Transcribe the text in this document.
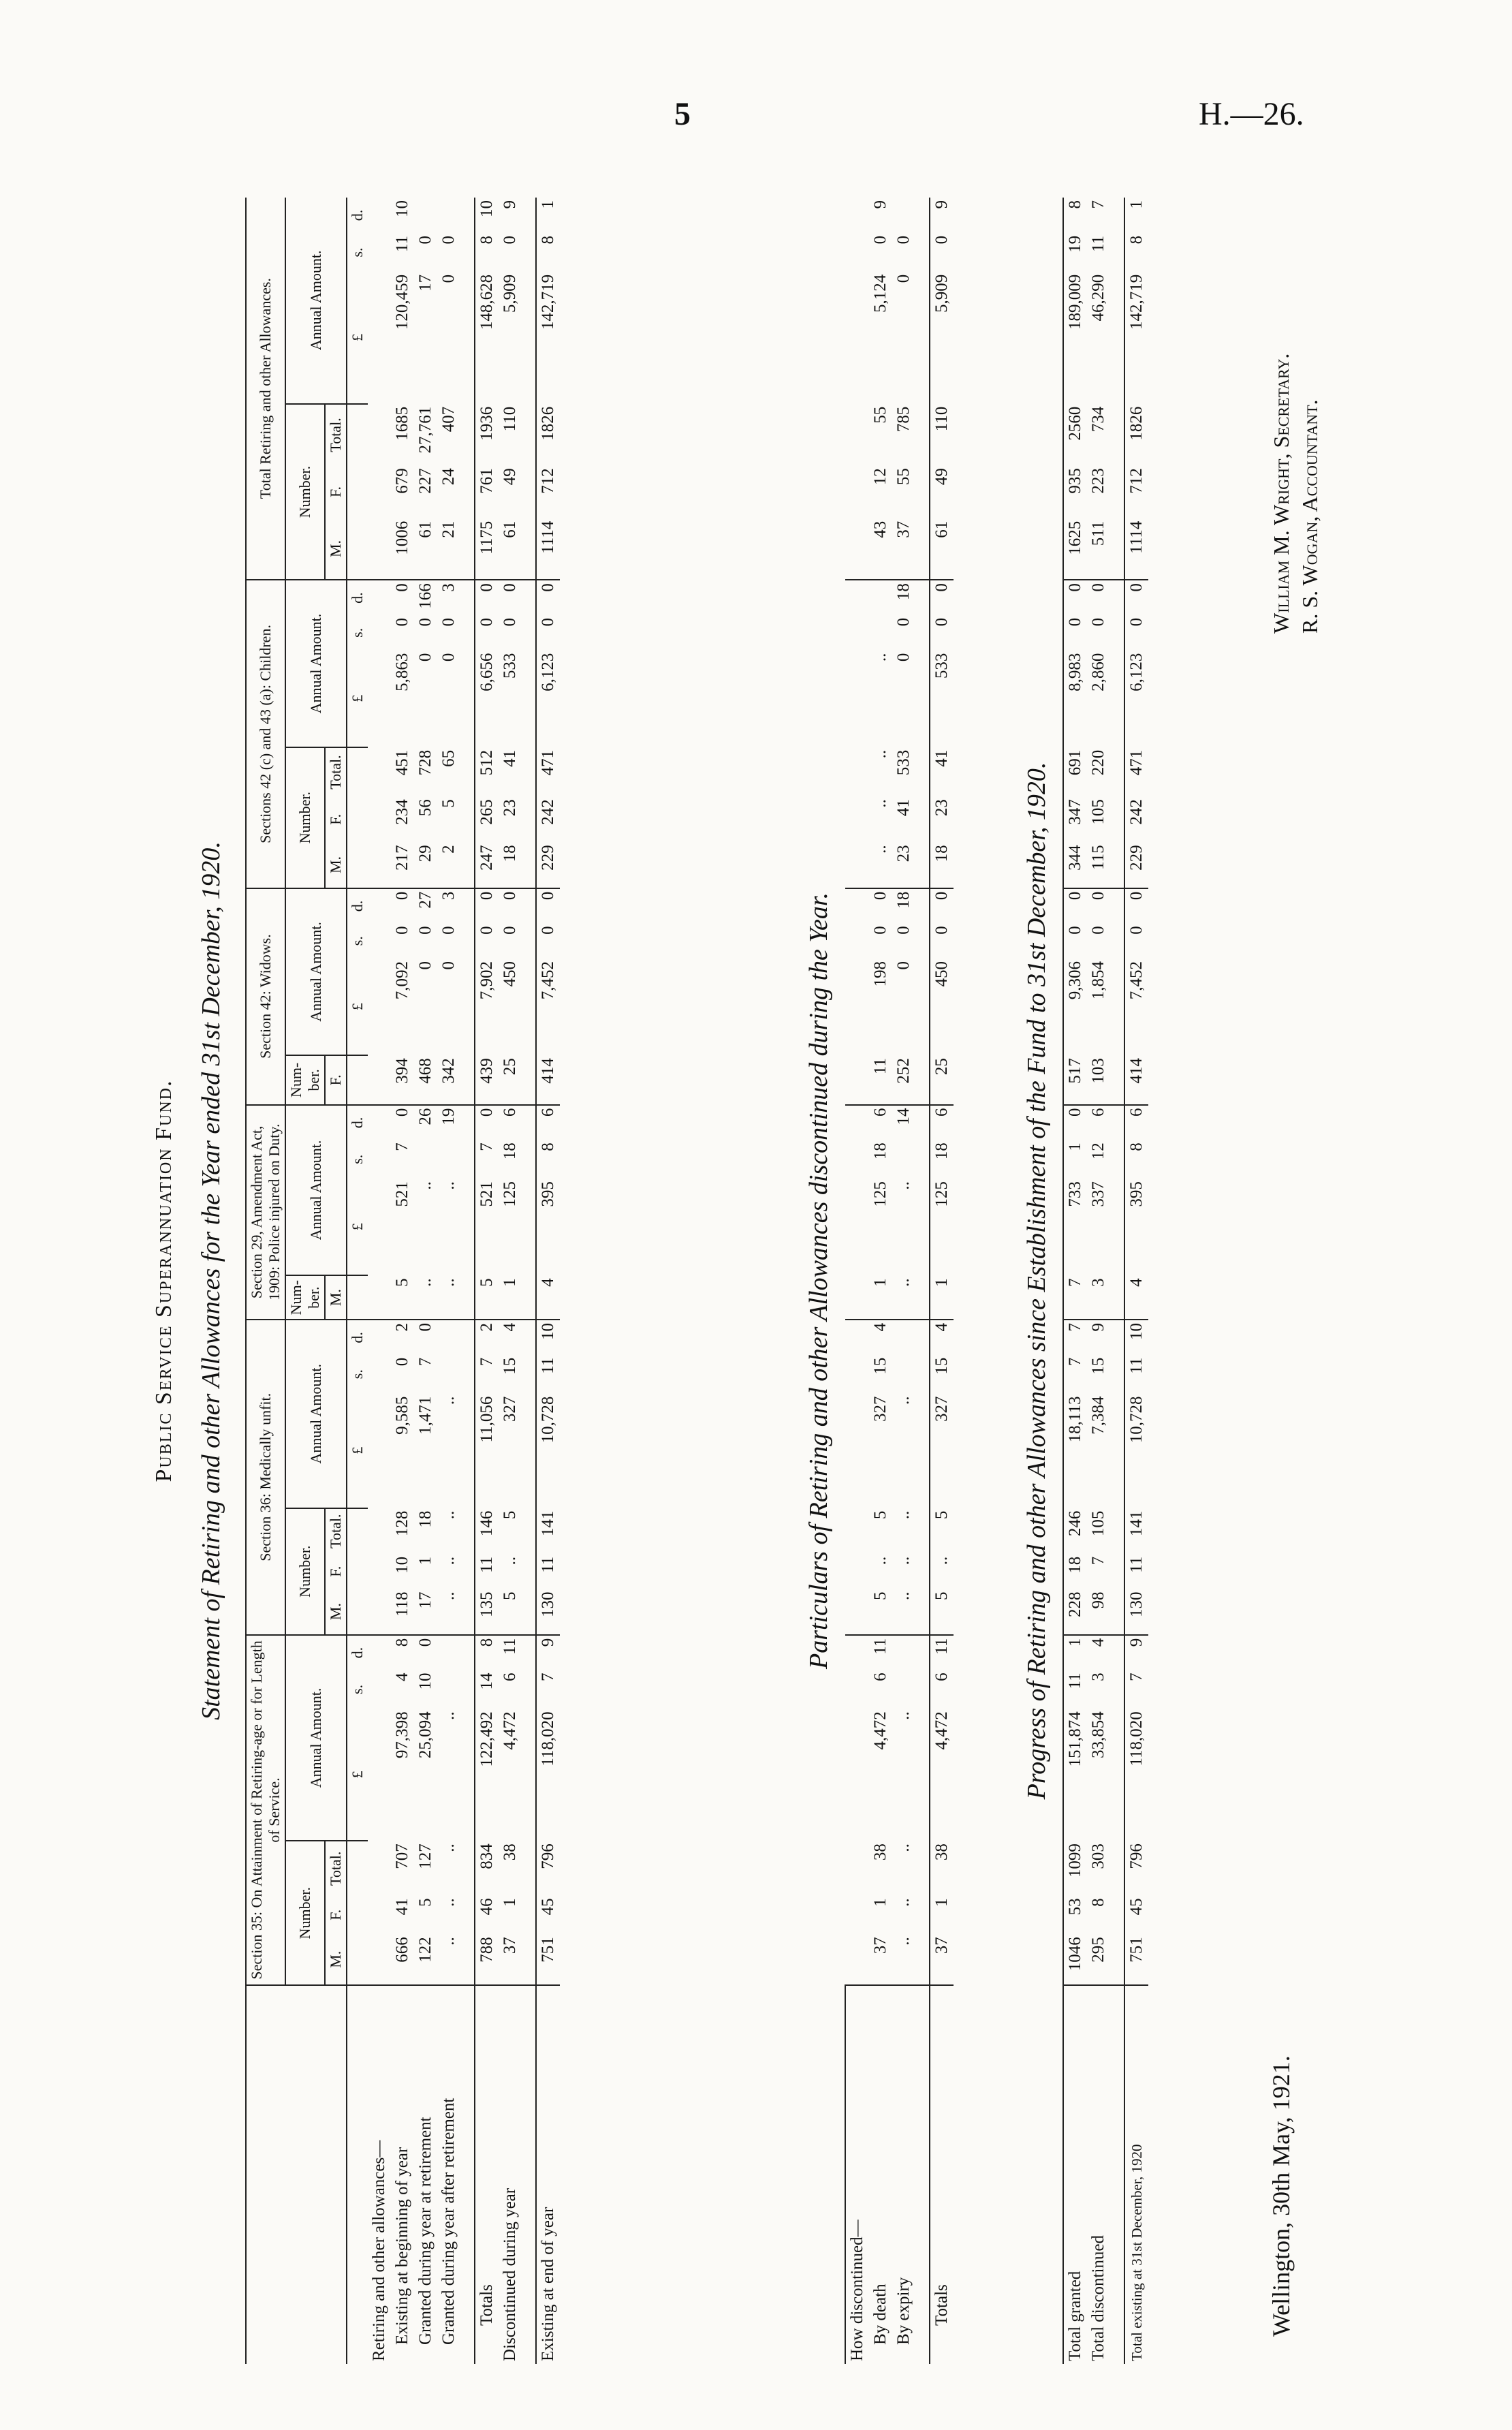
5	H.—26.
Public Service Superannuation Fund. Statement of Retiring and other Allowances for the Year ended 31st December, 1920.
	Section 35: On Attainment of Retiring-age or for Length of Service.						Section 36: Medically unfit.						Section 29, Amendment Act, 1909: Police injured on Duty.				Section 42: Widows.				Sections 42 (c) and 43 (a): Children.						Total Retiring and other Allowances.					
	Number.			Annual Amount.			Number.			Annual Amount.			Num-ber.	Annual Amount.			Num-ber.	Annual Amount.			Number.			Annual Amount.			Number.			Annual Amount.		
	M.	F.	Total.				M.	F.	Total.				M.				F.				M.	F.	Total.				M.	F.	Total.			
				£	s.	d.				£	s.	d.		£	s.	d.		£	s.	d.				£	s.	d.				£	s.	d.
Retiring and other allowances—																																
Existing at beginning of year	666	41	707	97,398	4	8	118	10	128	9,585	0	2	5	521	7	0	394	7,092	0	0	217	234	451	5,863	0	0	1006	679	1685	120,459	11	10
Granted during year at retirement	122	5	127	25,094	10	0	17	1	18	1,471	7	0	..	..		26	468	0	0	27	29	56	728	0	0	166	61	227	27,761	17	0	
Granted during year after retirement	..	..	..	..			..	..	..	..			..	..		19	342	0	0	3	2	5	65	0	0	3	21	24	407	0	0	

Totals	788	46	834	122,492	14	8	135	11	146	11,056	7	2	5	521	7	0	439	7,902	0	0	247	265	512	6,656	0	0	1175	761	1936	148,628	8	10
Discontinued during year	37	1	38	4,472	6	11	5	..	5	327	15	4	1	125	18	6	25	450	0	0	18	23	41	533	0	0	61	49	110	5,909	0	9

Existing at end of year	751	45	796	118,020	7	9	130	11	141	10,728	11	10	4	395	8	6	414	7,452	0	0	229	242	471	6,123	0	0	1114	712	1826	142,719	8	1
Particulars of Retiring and other Allowances discontinued during the Year.
How discontinued—																																
By death	37	1	38	4,472	6	11	5	..	5	327	15	4	1	125	18	6	11	198	0	0	..	..	..	..			43	12	55	5,124	0	9
By expiry	..	..	..	..			..	..	..	..			..	..		14	252	0	0	18	23	41	533	0	0	18	37	55	785	0	0	

Totals	37	1	38	4,472	6	11	5	..	5	327	15	4	1	125	18	6	25	450	0	0	18	23	41	533	0	0	61	49	110	5,909	0	9
Progress of Retiring and other Allowances since Establishment of the Fund to 31st December, 1920.
Total granted	1046	53	1099	151,874	11	1	228	18	246	18,113	7	7	7	733	1	0	517	9,306	0	0	344	347	691	8,983	0	0	1625	935	2560	189,009	19	8
Total discontinued	295	8	303	33,854	3	4	98	7	105	7,384	15	9	3	337	12	6	103	1,854	0	0	115	105	220	2,860	0	0	511	223	734	46,290	11	7

Total existing at 31st December, 1920	751	45	796	118,020	7	9	130	11	141	10,728	11	10	4	395	8	6	414	7,452	0	0	229	242	471	6,123	0	0	1114	712	1826	142,719	8	1
Wellington, 30th May, 1921.
William M. Wright, Secretary. R. S. Wogan, Accountant.
